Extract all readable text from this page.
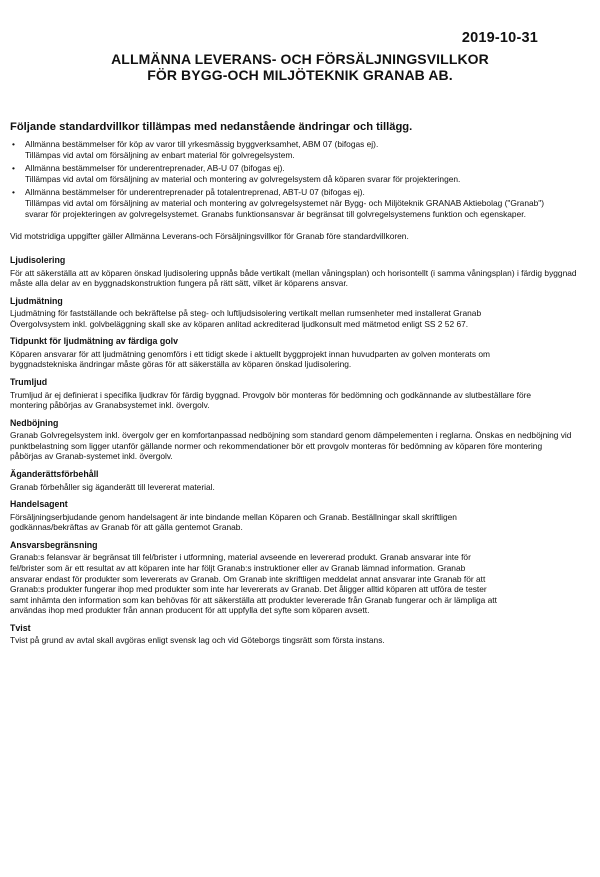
2019-10-31
ALLMÄNNA LEVERANS- OCH FÖRSÄLJNINGSVILLKOR
FÖR BYGG-OCH MILJÖTEKNIK GRANAB AB.
Följande standardvillkor tillämpas med nedanstående ändringar och tillägg.
• Allmänna bestämmelser för köp av varor till yrkesmässig byggverksamhet, ABM 07 (bifogas ej).
Tillämpas vid avtal om försäljning av enbart material för golvregelsystem.
• Allmänna bestämmelser för underentreprenader, AB-U 07 (bifogas ej).
Tillämpas vid avtal om försäljning av material och montering av golvregelsystem då köparen svarar för projekteringen.
• Allmänna bestämmelser för underentreprenader på totalentreprenad, ABT-U 07 (bifogas ej).
Tillämpas vid avtal om försäljning av material och montering av golvregelsystemet när Bygg- och Miljöteknik GRANAB Aktiebolag ("Granab")
svarar för projekteringen av golvregelsystemet. Granabs funktionsansvar är begränsat till golvregelsystemens funktion och egenskaper.
Vid motstridiga uppgifter gäller Allmänna Leverans-och Försäljningsvillkor för Granab före standardvillkoren.
Ljudisolering

För att säkerställa att av köparen önskad ljudisolering uppnås både vertikalt (mellan våningsplan) och horisontellt (i samma våningsplan) i färdig byggnad
måste alla delar av en byggnadskonstruktion fungera på rätt sätt, vilket är köparens ansvar.

Ljudmätning

Ljudmätning för fastställande och bekräftelse på steg- och luftljudsisolering vertikalt mellan rumsenheter med installerat Granab
Övergolvsystem inkl. golvbeläggning skall ske av köparen anlitad ackrediterad ljudkonsult med mätmetod enligt SS 2 52 67.

Tidpunkt för ljudmätning av färdiga golv

Köparen ansvarar för att ljudmätning genomförs i ett tidigt skede i aktuellt byggprojekt innan huvudparten av golven monterats om
byggnadstekniska ändringar måste göras för att säkerställa av köparen önskad ljudisolering.

Trumljud

Trumljud är ej definierat i specifika ljudkrav för färdig byggnad. Provgolv bör monteras för bedömning och godkännande av slutbeställare före
montering påbörjas av Granabsystemet inkl. övergolv.

Nedböjning

Granab Golvregelsystem inkl. övergolv ger en komfortanpassad nedböjning som standard genom dämpelementen i reglarna. Önskas en nedböjning vid
punktbelastning som ligger utanför gällande normer och rekommendationer bör ett provgolv monteras för bedömning av köparen före montering
påbörjas av Granab-systemet inkl. övergolv.

Äganderättsförbehåll

Granab förbehåller sig äganderätt till levererat material.

Handelsagent

Försäljningserbjudande genom handelsagent är inte bindande mellan Köparen och Granab. Beställningar skall skriftligen
godkännas/bekräftas av Granab för att gälla gentemot Granab.

Ansvarsbegränsning

Granab:s felansvar är begränsat till fel/brister i utformning, material avseende en levererad produkt. Granab ansvarar inte för
fel/brister som är ett resultat av att köparen inte har följt Granab:s instruktioner eller av Granab lämnad information. Granab
ansvarar endast för produkter som levererats av Granab. Om Granab inte skriftligen meddelat annat ansvarar inte Granab för att
Granab:s produkter fungerar ihop med produkter som inte har levererats av Granab. Det åligger alltid köparen att utföra de tester
samt inhämta den information som kan behövas för att säkerställa att produkter levererade från Granab fungerar och är lämpliga att
användas ihop med produkter från annan producent för att uppfylla det syfte som köparen avsett.

Tvist

Tvist på grund av avtal skall avgöras enligt svensk lag och vid Göteborgs tingsrätt som första instans.
